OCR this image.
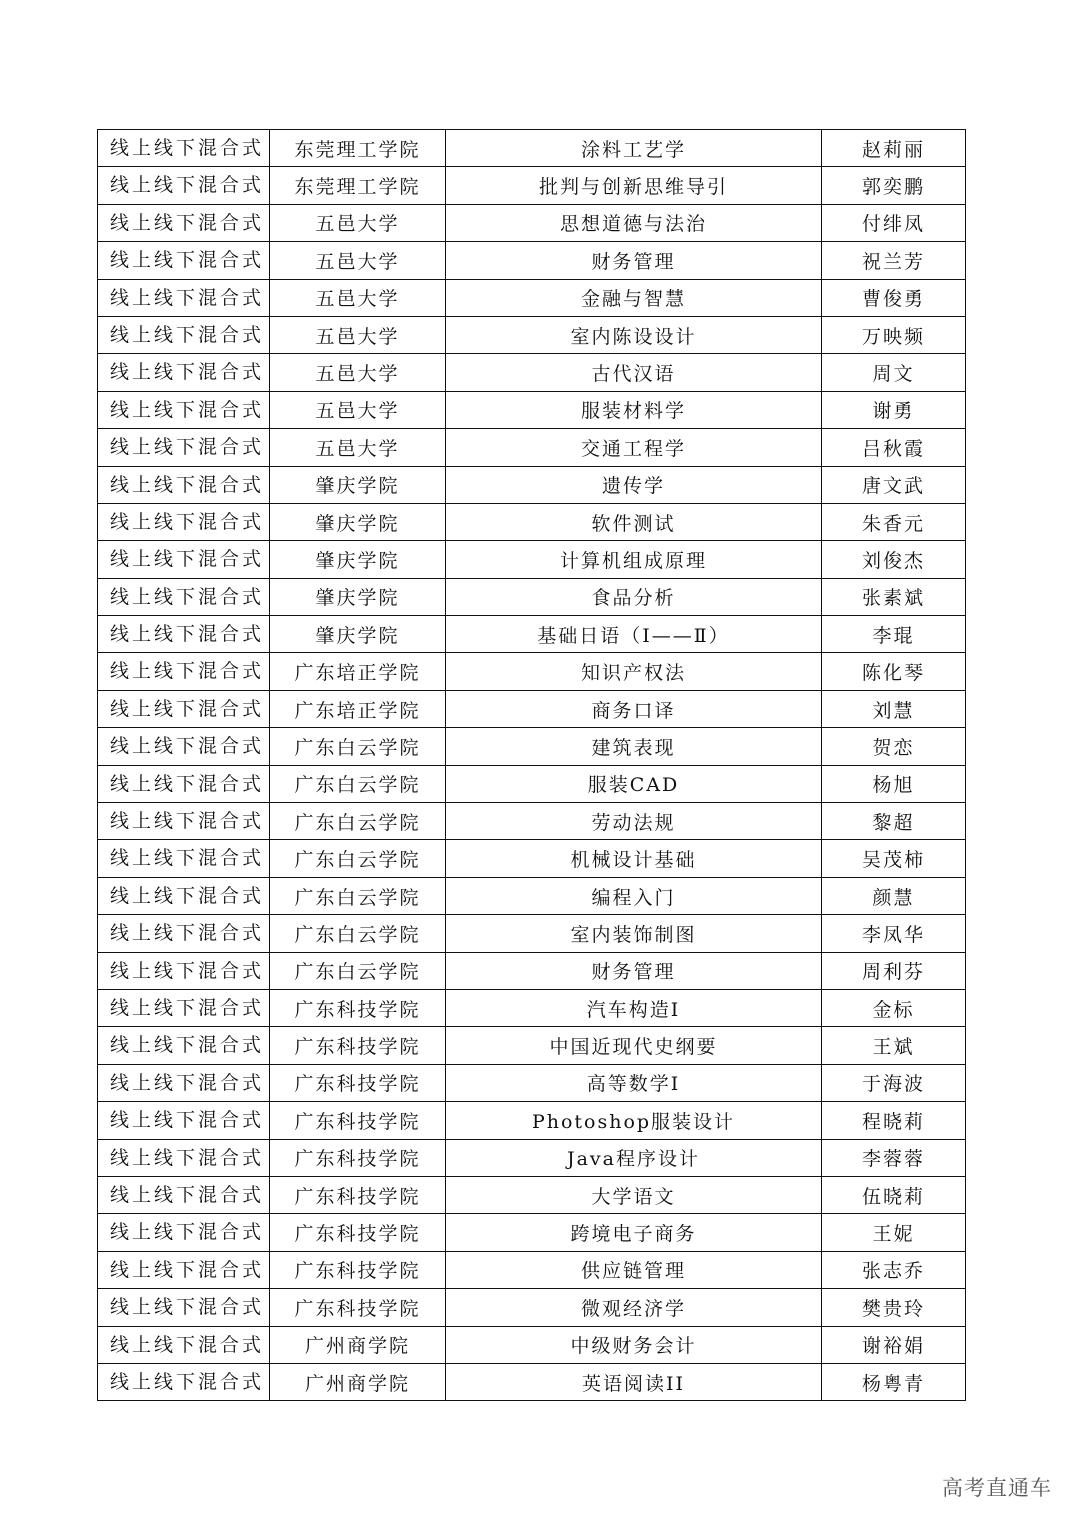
线上线下混合式	东莞理工学院	涂料工艺学	赵莉丽
线上线下混合式	东莞理工学院	批判与创新思维导引	郭奕鹏
线上线下混合式	五邑大学	思想道德与法治	付绯凤
线上线下混合式	五邑大学	财务管理	祝兰芳
线上线下混合式	五邑大学	金融与智慧	曹俊勇
线上线下混合式	五邑大学	室内陈设设计	万映频
线上线下混合式	五邑大学	古代汉语	周文
线上线下混合式	五邑大学	服装材料学	谢勇
线上线下混合式	五邑大学	交通工程学	吕秋霞
线上线下混合式	肇庆学院	遗传学	唐文武
线上线下混合式	肇庆学院	软件测试	朱香元
线上线下混合式	肇庆学院	计算机组成原理	刘俊杰
线上线下混合式	肇庆学院	食品分析	张素斌
线上线下混合式	肇庆学院	基础日语（Ⅰ——Ⅱ）	李琨
线上线下混合式	广东培正学院	知识产权法	陈化琴
线上线下混合式	广东培正学院	商务口译	刘慧
线上线下混合式	广东白云学院	建筑表现	贺恋
线上线下混合式	广东白云学院	服装CAD	杨旭
线上线下混合式	广东白云学院	劳动法规	黎超
线上线下混合式	广东白云学院	机械设计基础	吴茂柿
线上线下混合式	广东白云学院	编程入门	颜慧
线上线下混合式	广东白云学院	室内装饰制图	李凤华
线上线下混合式	广东白云学院	财务管理	周利芬
线上线下混合式	广东科技学院	汽车构造Ⅰ	金标
线上线下混合式	广东科技学院	中国近现代史纲要	王斌
线上线下混合式	广东科技学院	高等数学Ⅰ	于海波
线上线下混合式	广东科技学院	Photoshop服装设计	程晓莉
线上线下混合式	广东科技学院	Java程序设计	李蓉蓉
线上线下混合式	广东科技学院	大学语文	伍晓莉
线上线下混合式	广东科技学院	跨境电子商务	王妮
线上线下混合式	广东科技学院	供应链管理	张志乔
线上线下混合式	广东科技学院	微观经济学	樊贵玲
线上线下混合式	广州商学院	中级财务会计	谢裕娟
线上线下混合式	广州商学院	英语阅读II	杨粤青
高考直通车
